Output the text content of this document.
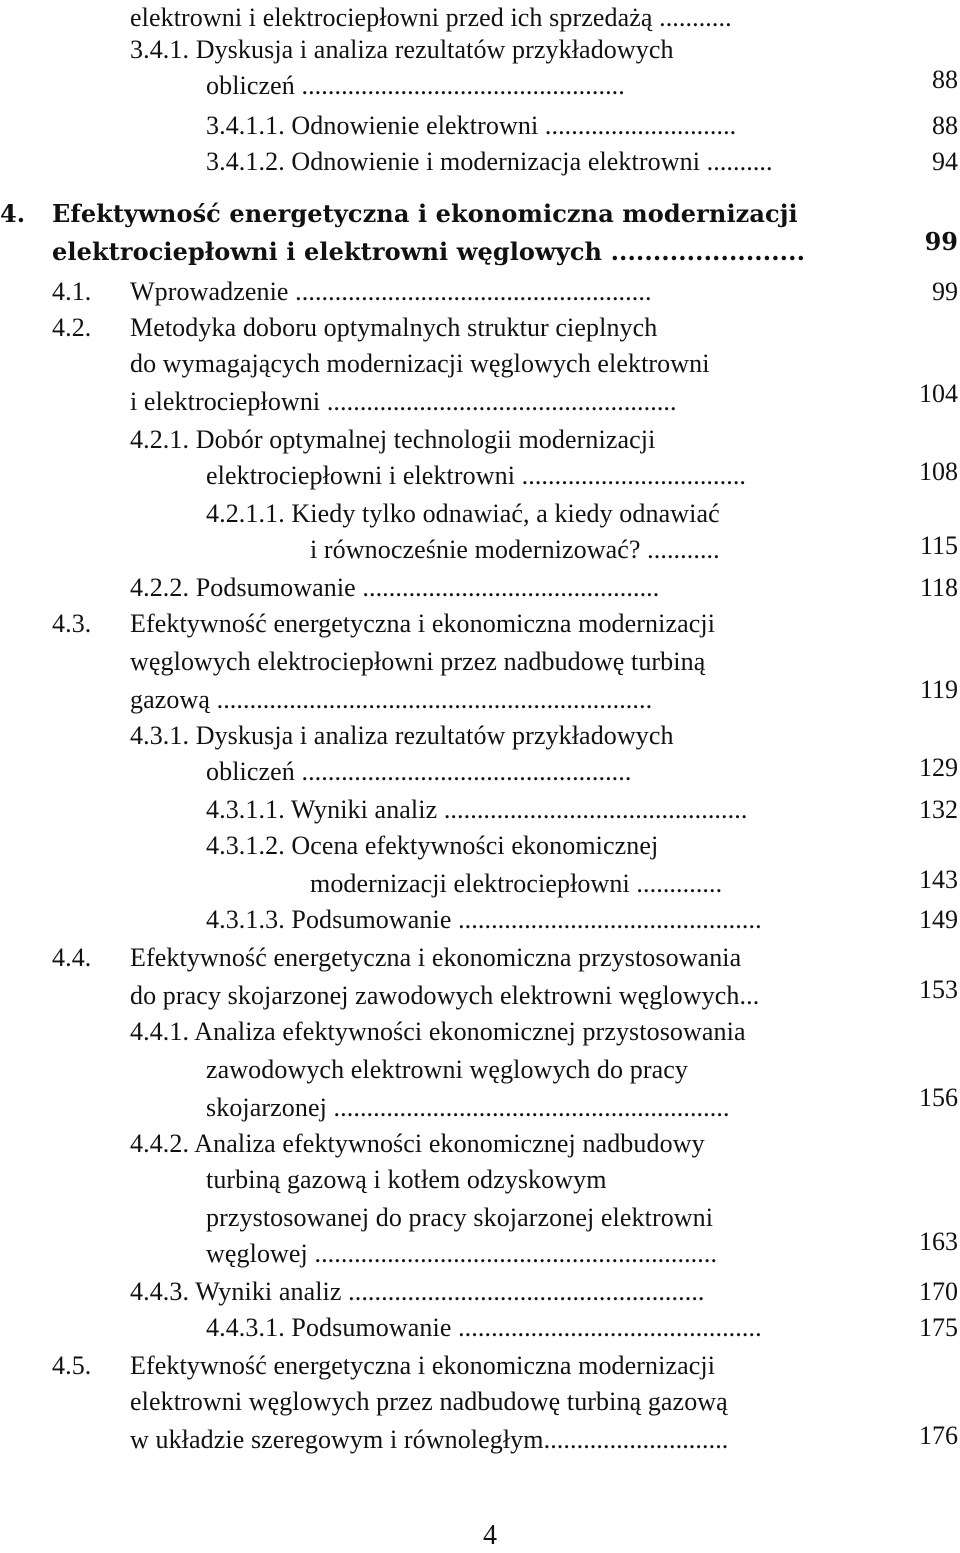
elektrowni i elektrociepłowni przed ich sprzedażą ...........
3.4.1. Dyskusja i analiza rezultatów przykładowych
obliczeń .................................................	88
3.4.1.1. Odnowienie elektrowni .............................	88
3.4.1.2. Odnowienie i modernizacja elektrowni ..........	94
4. Efektywność energetyczna i ekonomiczna modernizacji
elektrociepłowni i elektrowni węglowych .......................	99
4.1. Wprowadzenie ......................................................	99
4.2. Metodyka doboru optymalnych struktur cieplnych
do wymagających modernizacji węglowych elektrowni
i elektrociepłowni .....................................................	104
4.2.1. Dobór optymalnej technologii modernizacji
elektrociepłowni i elektrowni ..................................	108
4.2.1.1. Kiedy tylko odnawiać, a kiedy odnawiać
i równocześnie modernizować? ...........	115
4.2.2. Podsumowanie .............................................	118
4.3. Efektywność energetyczna i ekonomiczna modernizacji
węglowych elektrociepłowni przez nadbudowę turbiną
gazową ..................................................................	119
4.3.1. Dyskusja i analiza rezultatów przykładowych
obliczeń ..................................................	129
4.3.1.1. Wyniki analiz ..............................................	132
4.3.1.2. Ocena efektywności ekonomicznej
modernizacji elektrociepłowni .............	143
4.3.1.3. Podsumowanie ..............................................	149
4.4. Efektywność energetyczna i ekonomiczna przystosowania
do pracy skojarzonej zawodowych elektrowni węglowych...	153
4.4.1. Analiza efektywności ekonomicznej przystosowania
zawodowych elektrowni węglowych do pracy
skojarzonej ............................................................	156
4.4.2. Analiza efektywności ekonomicznej nadbudowy
turbiną gazową i kotłem odzyskowym
przystosowanej do pracy skojarzonej elektrowni
węglowej .............................................................	163
4.4.3. Wyniki analiz ......................................................	170
4.4.3.1. Podsumowanie ..............................................	175
4.5. Efektywność energetyczna i ekonomiczna modernizacji
elektrowni węglowych przez nadbudowę turbiną gazową
w układzie szeregowym i równoległym............................	176
4
